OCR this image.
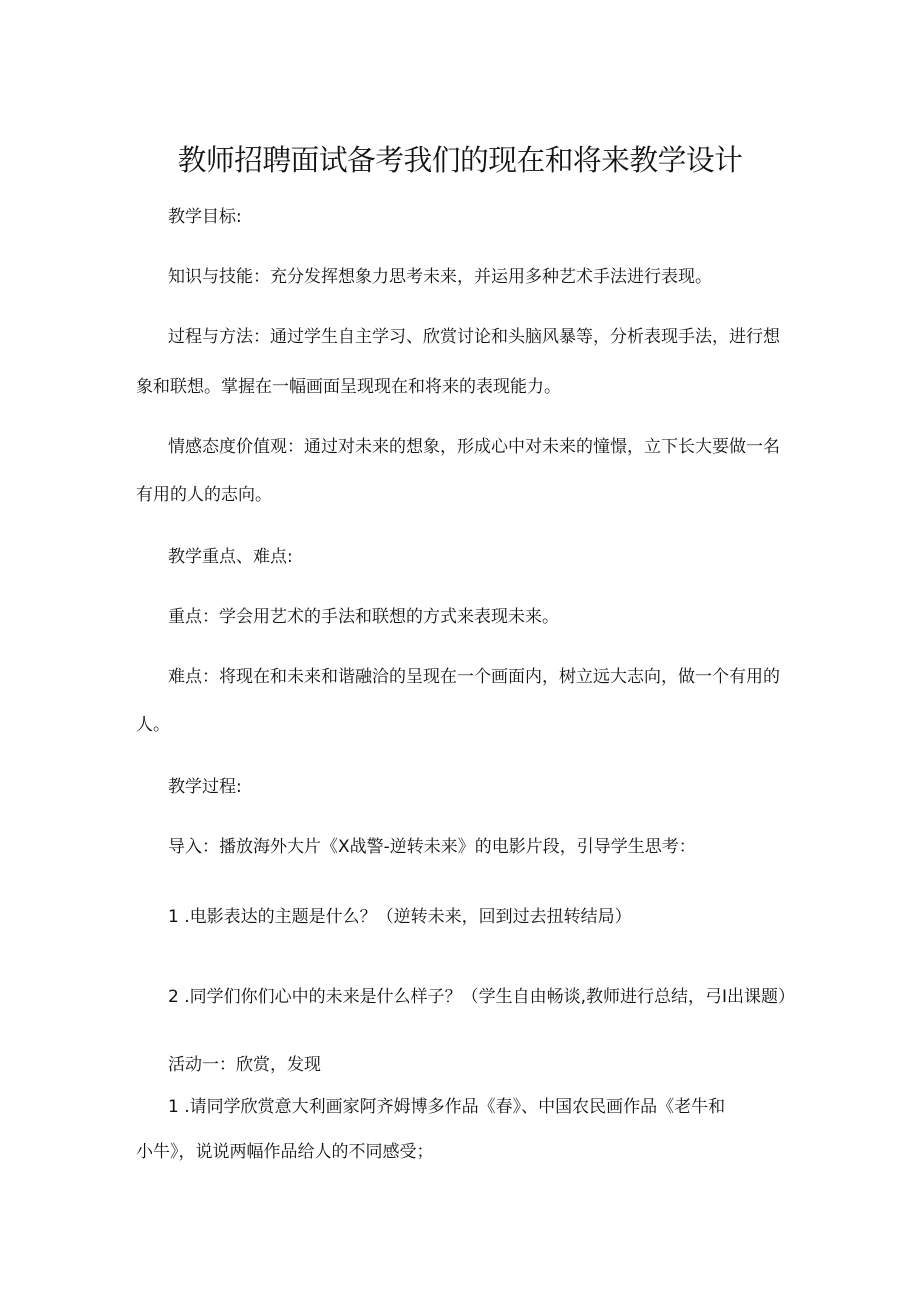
教师招聘面试备考我们的现在和将来教学设计
教学目标:
知识与技能：充分发挥想象力思考未来，并运用多种艺术手法进行表现。
过程与方法：通过学生自主学习、欣赏讨论和头脑风暴等，分析表现手法，进行想
象和联想。掌握在一幅画面呈现现在和将来的表现能力。
情感态度价值观：通过对未来的想象，形成心中对未来的憧憬，立下长大要做一名
有用的人的志向。
教学重点、难点:
重点：学会用艺术的手法和联想的方式来表现未来。
难点：将现在和未来和谐融洽的呈现在一个画面内，树立远大志向，做一个有用的
人。
教学过程:
导入：播放海外大片《X战警-逆转未来》的电影片段，引导学生思考：
1 .电影表达的主题是什么？（逆转未来，回到过去扭转结局）
2 .同学们你们心中的未来是什么样子？（学生自由畅谈,教师进行总结，弓I出课题）
活动一：欣赏，发现
1 .请同学欣赏意大利画家阿齐姆博多作品《春》、中国农民画作品《老牛和
小牛》，说说两幅作品给人的不同感受；
